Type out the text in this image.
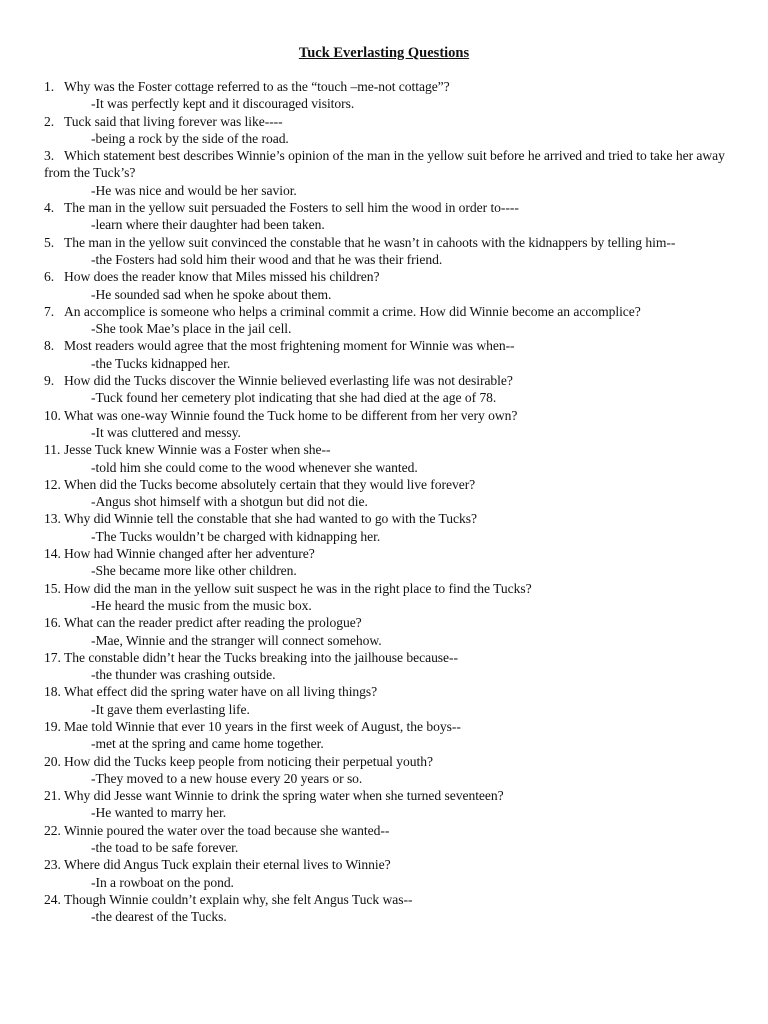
Tuck Everlasting Questions
1. Why was the Foster cottage referred to as the “touch –me-not cottage”?
-It was perfectly kept and it discouraged visitors.
2. Tuck said that living forever was like----
-being a rock by the side of the road.
3. Which statement best describes Winnie’s opinion of the man in the yellow suit before he arrived and tried to take her away from the Tuck’s?
-He was nice and would be her savior.
4. The man in the yellow suit persuaded the Fosters to sell him the wood in order to----
-learn where their daughter had been taken.
5. The man in the yellow suit convinced the constable that he wasn’t in cahoots with the kidnappers by telling him--
-the Fosters had sold him their wood and that he was their friend.
6. How does the reader know that Miles missed his children?
-He sounded sad when he spoke about them.
7. An accomplice is someone who helps a criminal commit a crime. How did Winnie become an accomplice?
-She took Mae’s place in the jail cell.
8. Most readers would agree that the most frightening moment for Winnie was when--
-the Tucks kidnapped her.
9. How did the Tucks discover the Winnie believed everlasting life was not desirable?
-Tuck found her cemetery plot indicating that she had died at the age of 78.
10. What was one-way Winnie found the Tuck home to be different from her very own?
-It was cluttered and messy.
11. Jesse Tuck knew Winnie was a Foster when she--
-told him she could come to the wood whenever she wanted.
12. When did the Tucks become absolutely certain that they would live forever?
-Angus shot himself with a shotgun but did not die.
13. Why did Winnie tell the constable that she had wanted to go with the Tucks?
-The Tucks wouldn’t be charged with kidnapping her.
14. How had Winnie changed after her adventure?
-She became more like other children.
15. How did the man in the yellow suit suspect he was in the right place to find the Tucks?
-He heard the music from the music box.
16. What can the reader predict after reading the prologue?
-Mae, Winnie and the stranger will connect somehow.
17. The constable didn’t hear the Tucks breaking into the jailhouse because--
-the thunder was crashing outside.
18. What effect did the spring water have on all living things?
-It gave them everlasting life.
19. Mae told Winnie that ever 10 years in the first week of August, the boys--
-met at the spring and came home together.
20. How did the Tucks keep people from noticing their perpetual youth?
-They moved to a new house every 20 years or so.
21. Why did Jesse want Winnie to drink the spring water when she turned seventeen?
-He wanted to marry her.
22. Winnie poured the water over the toad because she wanted--
-the toad to be safe forever.
23. Where did Angus Tuck explain their eternal lives to Winnie?
-In a rowboat on the pond.
24. Though Winnie couldn’t explain why, she felt Angus Tuck was--
-the dearest of the Tucks.
